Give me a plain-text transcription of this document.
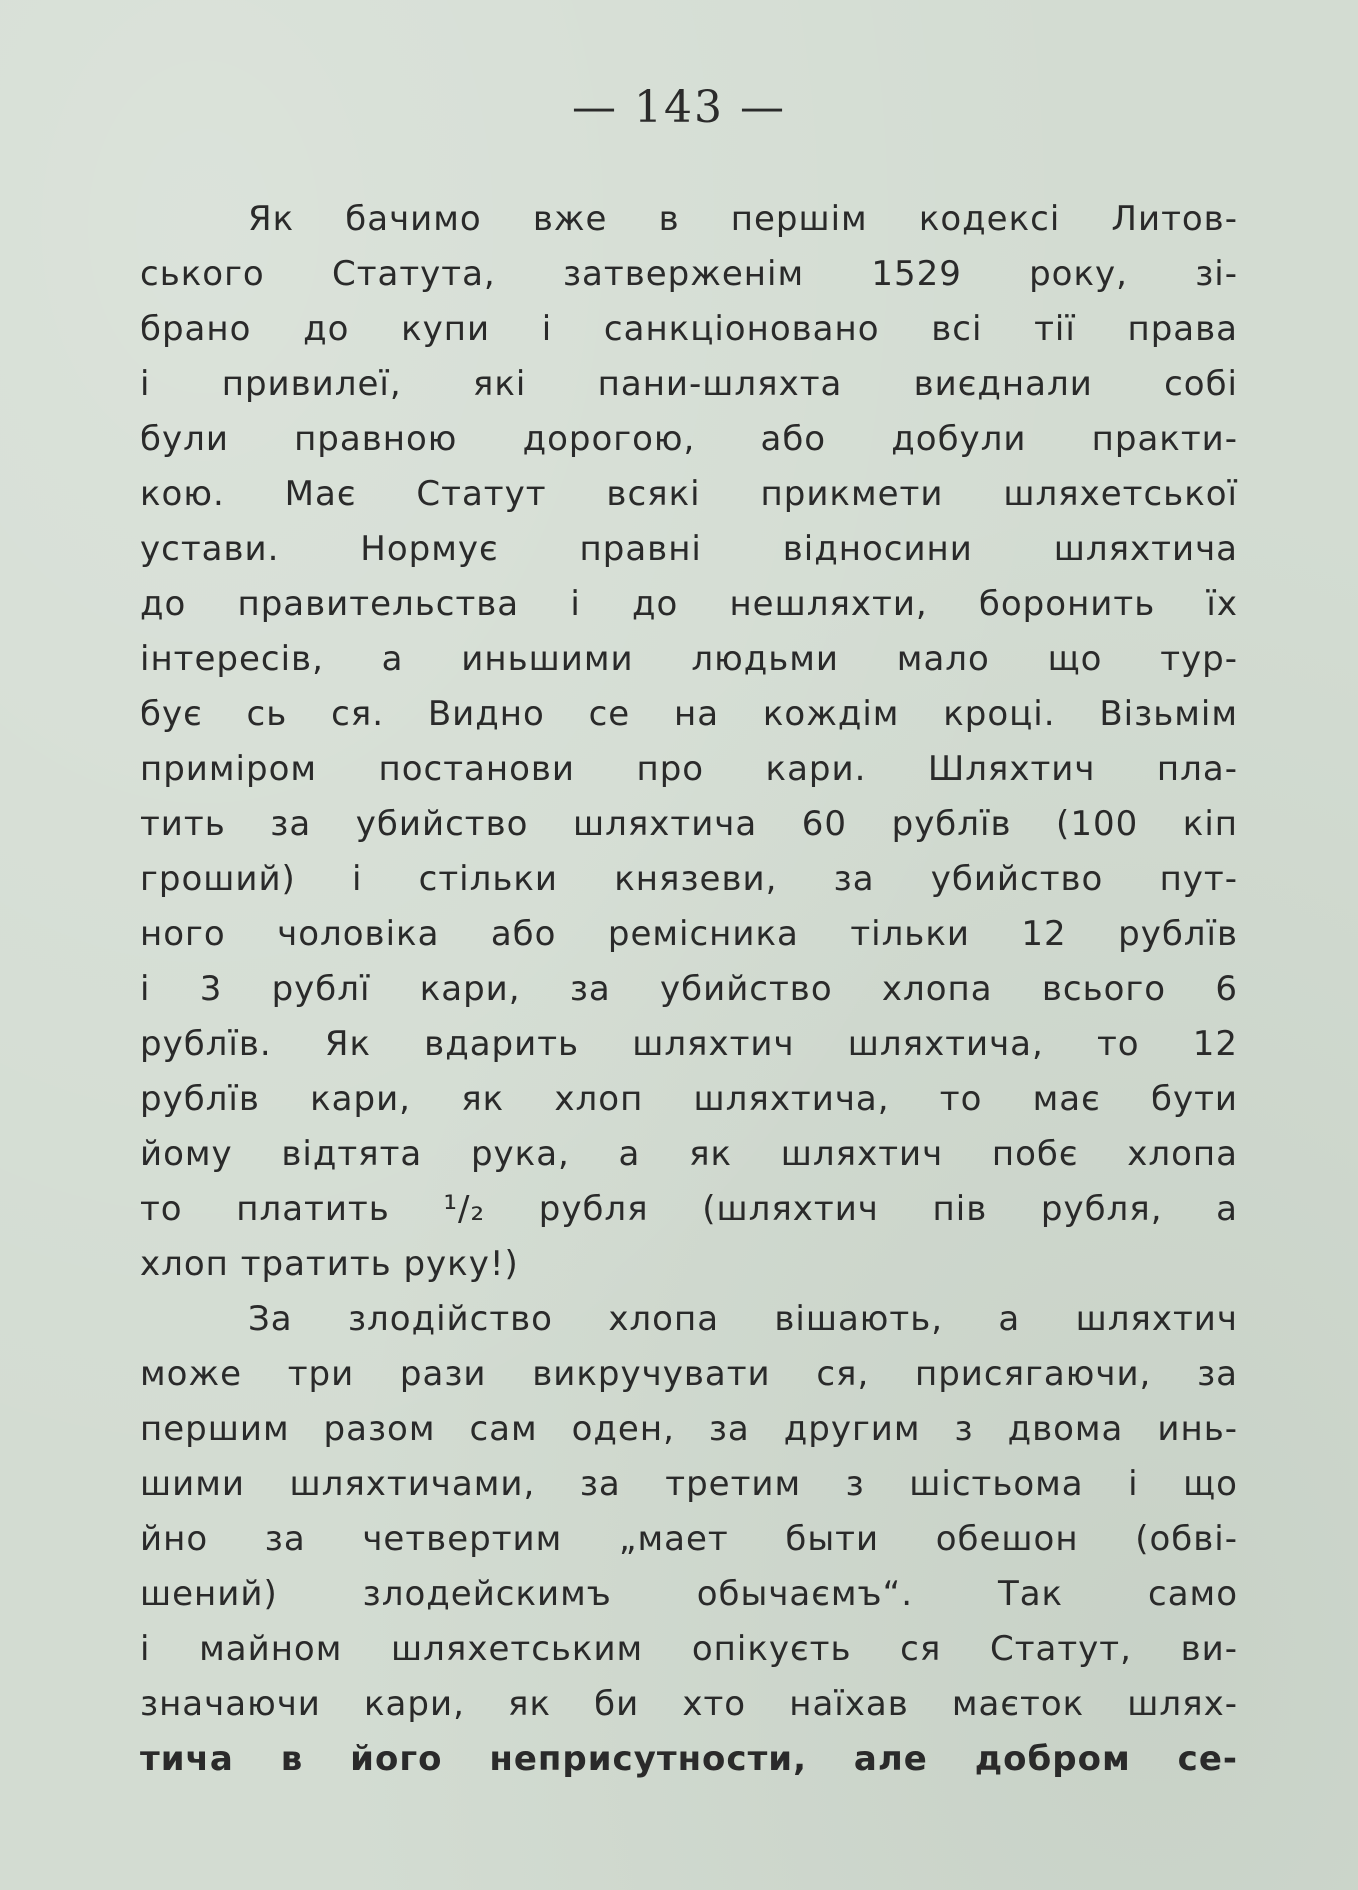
— 143 —
Як бачимо вже в першім кодексі Литов-
ського Статута, затверженім 1529 року, зі-
брано до купи і санкціоновано всі тії права
і привилеї, які пани-шляхта виєднали собі
були правною дорогою, або добули практи-
кою. Має Статут всякі прикмети шляхетської
устави. Нормує правні відносини шляхтича
до правительства і до нешляхти, боронить їх
інтересів, а иньшими людьми мало що тур-
бує сь ся. Видно се на кождім кроці. Візьмім
приміром постанови про кари. Шляхтич пла-
тить за убийство шляхтича 60 рублїв (100 кіп
гроший) і стільки князеви, за убийство пут-
ного чоловіка або ремісника тільки 12 рублїв
і 3 рублї кари, за убийство хлопа всього 6
рублїв. Як вдарить шляхтич шляхтича, то 12
рублїв кари, як хлоп шляхтича, то має бути
йому відтята рука, а як шляхтич побє хлопа
то платить ¹/₂ рубля (шляхтич пів рубля, а
хлоп тратить руку!)
За злодійство хлопа вішають, а шляхтич
може три рази викручувати ся, присягаючи, за
першим разом сам оден, за другим з двома инь-
шими шляхтичами, за третим з шістьома і що
йно за четвертим „мает быти обешон (обві-
шений) злодейскимъ обычаємъ“. Так само
і майном шляхетським опікуєть ся Статут, ви-
значаючи кари, як би хто наїхав маєток шлях-
тича в його неприсутности, але добром се-
